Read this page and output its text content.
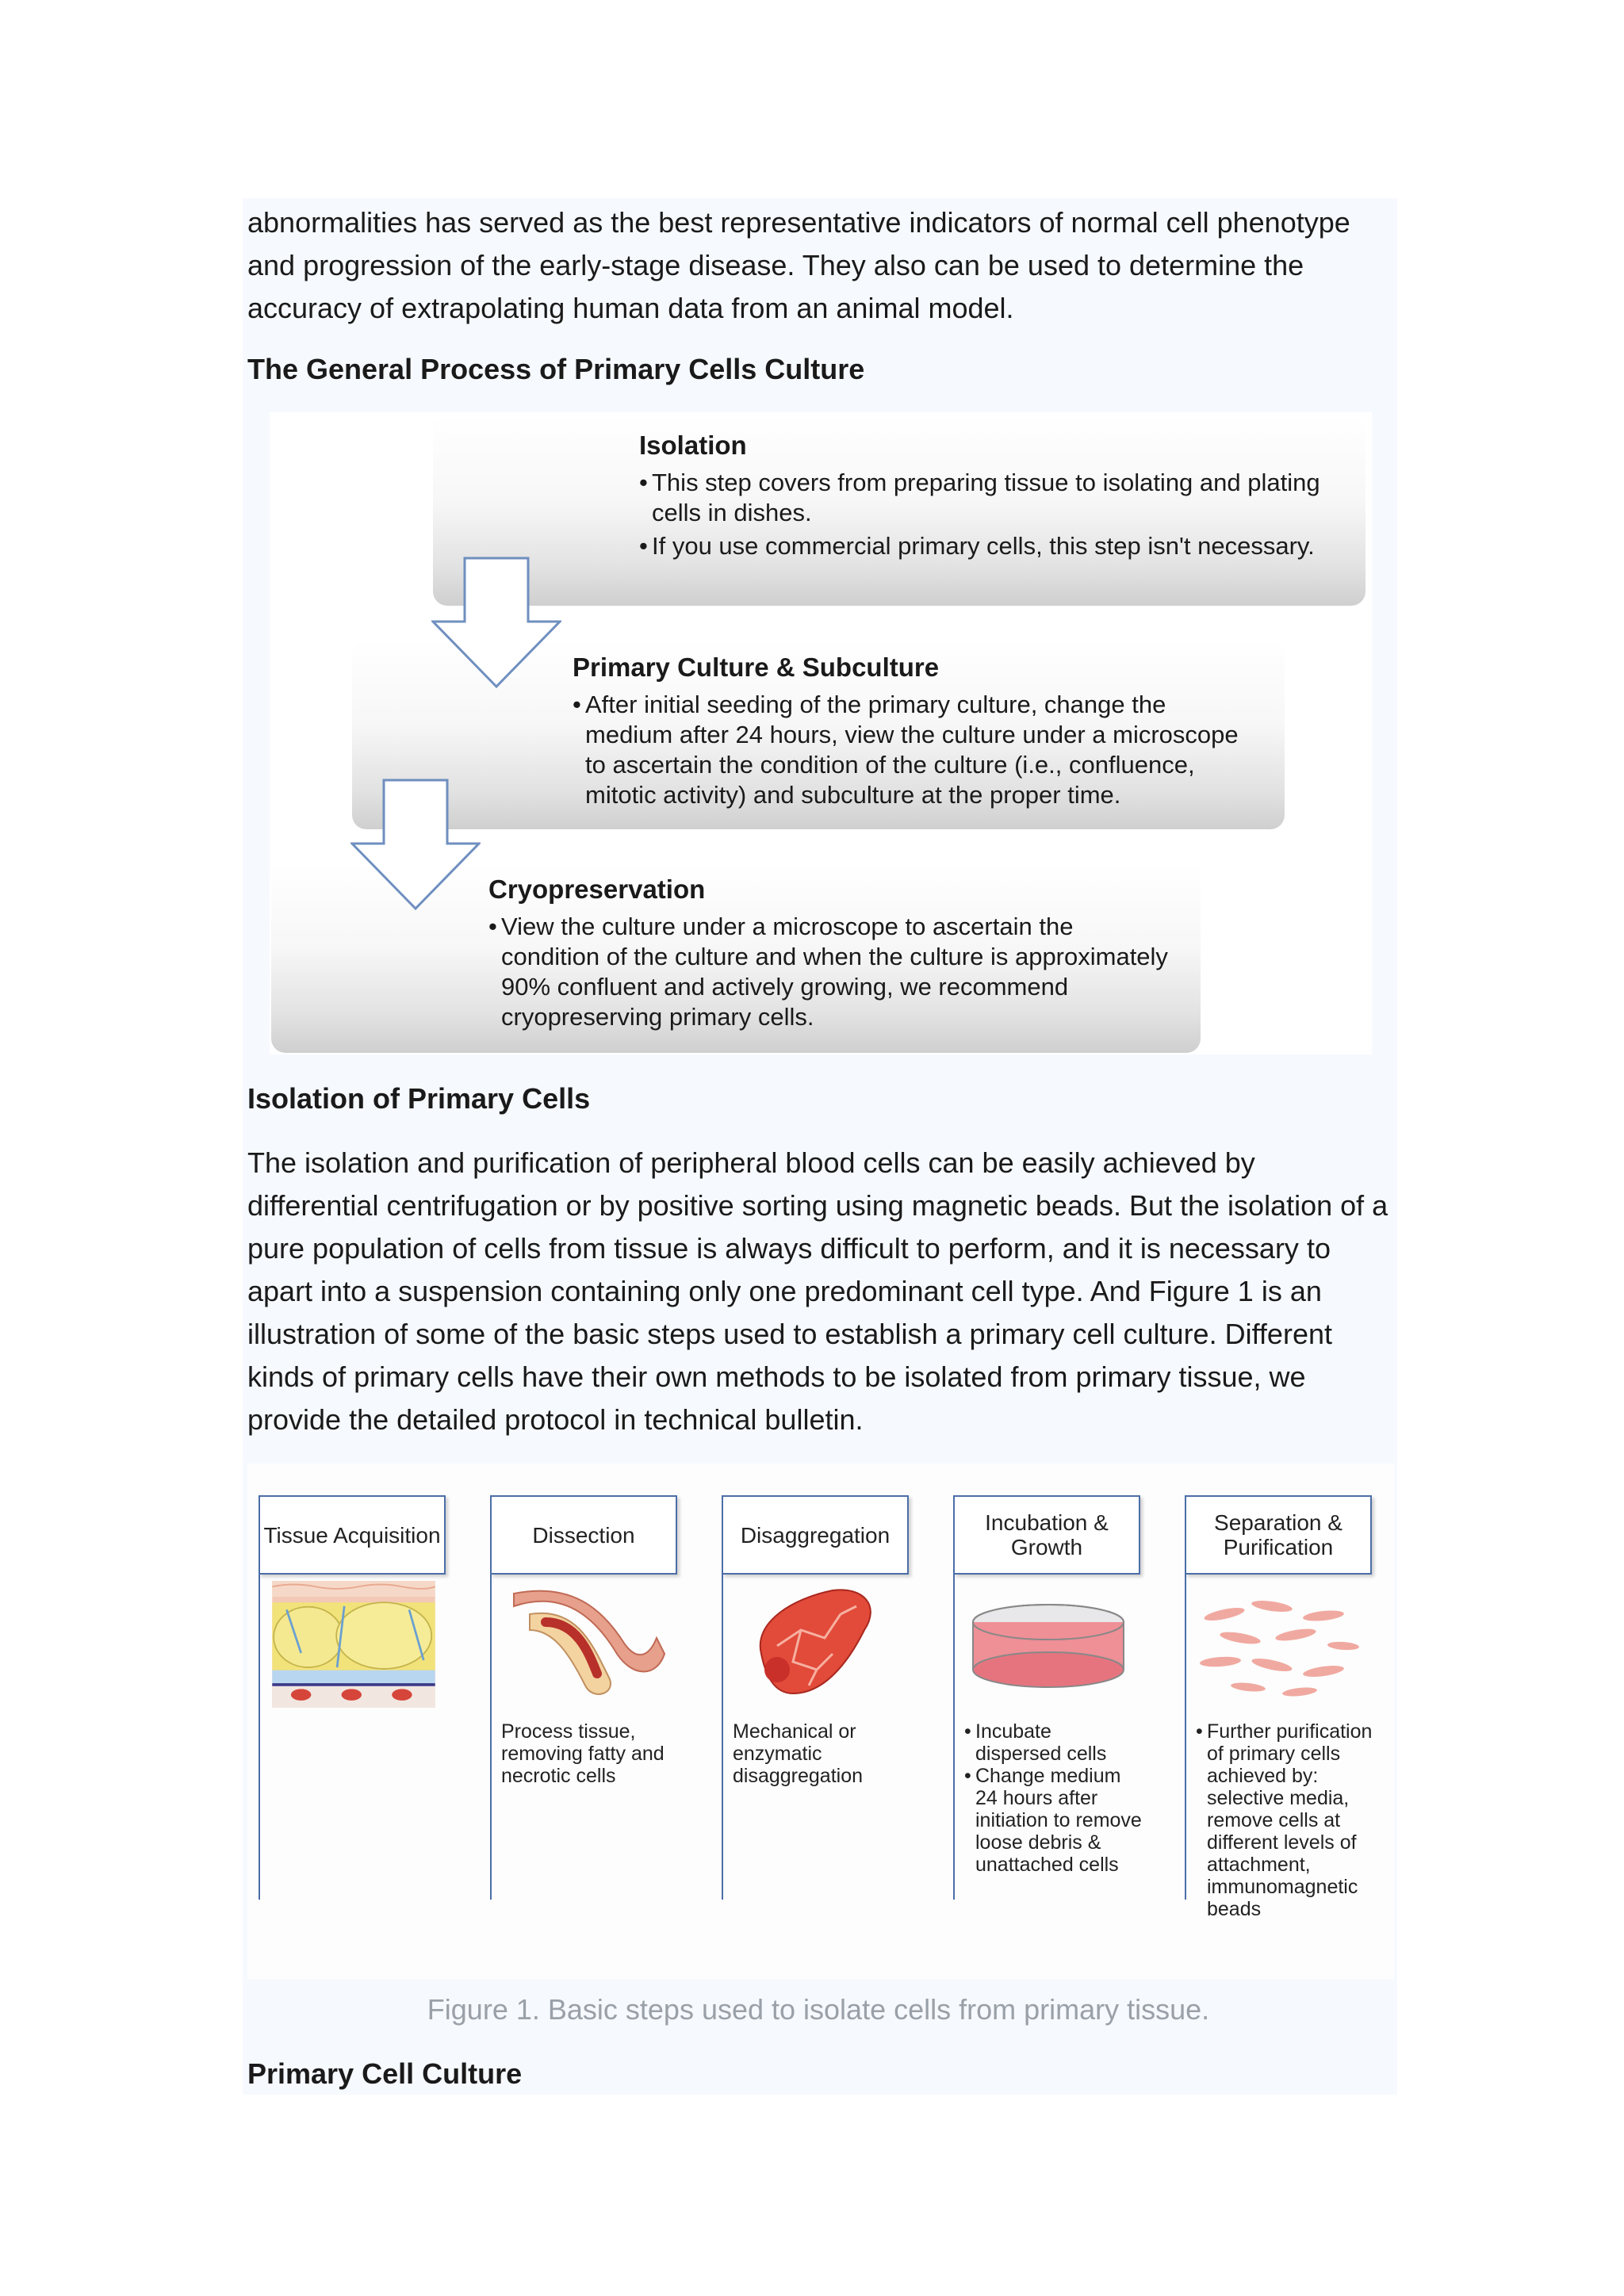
abnormalities has served as the best representative indicators of normal cell phenotype and progression of the early-stage disease. They also can be used to determine the accuracy of extrapolating human data from an animal model.

The General Process of Primary Cells Culture

Isolation

• This step covers from preparing tissue to isolating and plating cells in dishes.
• If you use commercial primary cells, this step isn't necessary.

Primary Culture & Subculture

• After initial seeding of the primary culture, change the medium after 24 hours, view the culture under a microscope to ascertain the condition of the culture (i.e., confluence, mitotic activity) and subculture at the proper time.

Cryopreservation

• View the culture under a microscope to ascertain the condition of the culture and when the culture is approximately 90% confluent and actively growing, we recommend cryopreserving primary cells.
Isolation of Primary Cells

The isolation and purification of peripheral blood cells can be easily achieved by differential centrifugation or by positive sorting using magnetic beads. But the isolation of a pure population of cells from tissue is always difficult to perform, and it is necessary to apart into a suspension containing only one predominant cell type. And Figure 1 is an illustration of some of the basic steps used to establish a primary cell culture. Different kinds of primary cells have their own methods to be isolated from primary tissue, we provide the detailed protocol in technical bulletin.

Tissue Acquisition	Dissection
Process tissue, removing fatty and necrotic cells
Disaggregation
Mechanical or enzymatic disaggregation
Incubation & Growth
• Incubate dispersed cells
• Change medium 24 hours after initiation to remove loose debris & unattached cells
Separation & Purification
• Further purification of primary cells achieved by: selective media, remove cells at different levels of attachment, immunomagnetic beads
Figure 1. Basic steps used to isolate cells from primary tissue.
Primary Cell Culture
